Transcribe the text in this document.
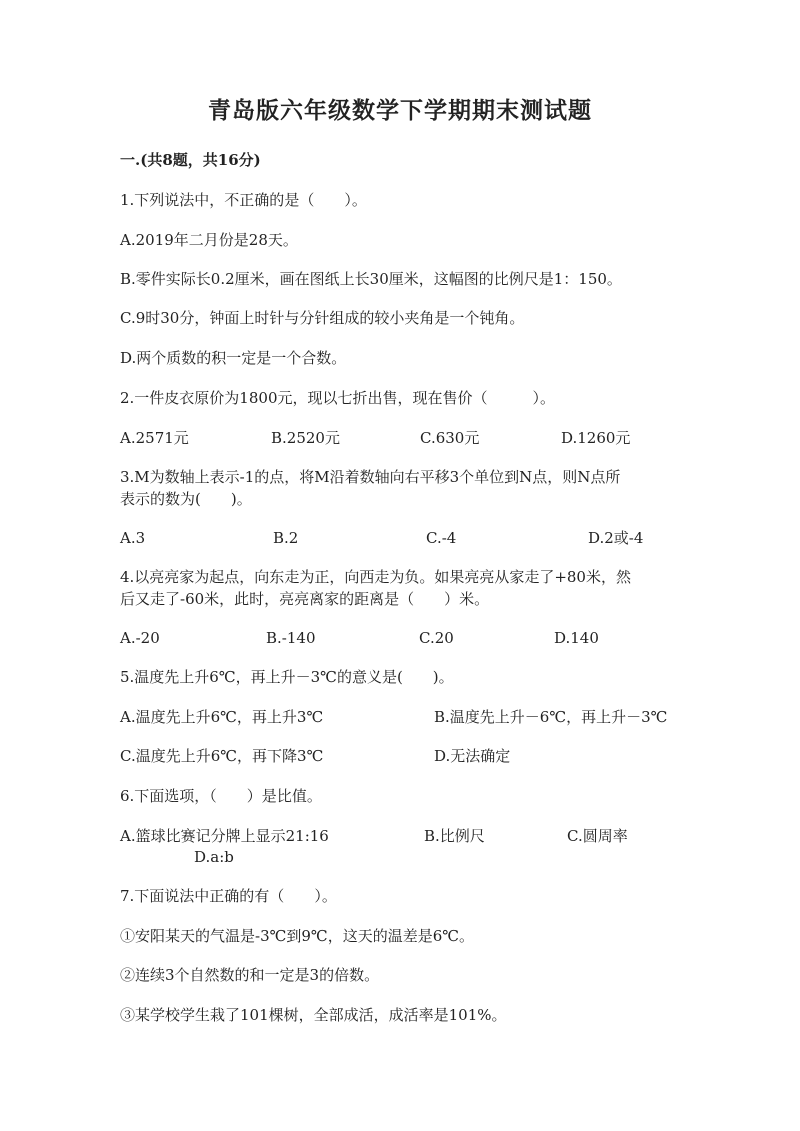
青岛版六年级数学下学期期末测试题
一.(共8题，共16分)
1.下列说法中，不正确的是（　　）。
A.2019年二月份是28天。
B.零件实际长0.2厘米，画在图纸上长30厘米，这幅图的比例尺是1：150。
C.9时30分，钟面上时针与分针组成的较小夹角是一个钝角。
D.两个质数的积一定是一个合数。
2.一件皮衣原价为1800元，现以七折出售，现在售价（　　　）。
A.2571元	B.2520元	C.630元	D.1260元
3.M为数轴上表示-1的点，将M沿着数轴向右平移3个单位到N点，则N点所
表示的数为(　　)。
A.3	B.2	C.-4	D.2或-4
4.以亮亮家为起点，向东走为正，向西走为负。如果亮亮从家走了+80米，然
后又走了-60米，此时，亮亮离家的距离是（　　）米。
A.-20	B.-140	C.20	D.140
5.温度先上升6℃，再上升－3℃的意义是(　　)。
A.温度先上升6℃，再上升3℃	B.温度先上升－6℃，再上升－3℃
C.温度先上升6℃，再下降3℃	D.无法确定
6.下面选项，（　　）是比值。
A.篮球比赛记分牌上显示21:16	B.比例尺	C.圆周率
D.a:b
7.下面说法中正确的有（　　）。
①安阳某天的气温是-3℃到9℃，这天的温差是6℃。
②连续3个自然数的和一定是3的倍数。
③某学校学生栽了101棵树，全部成活，成活率是101%。
